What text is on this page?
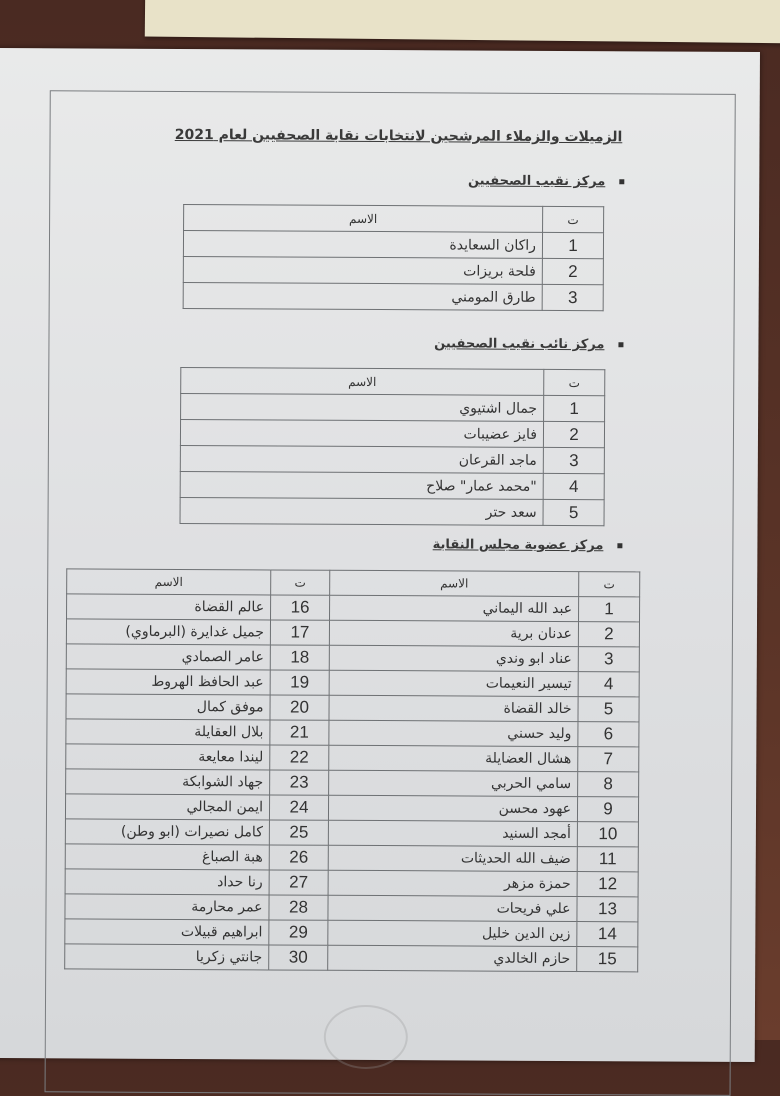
الزميلات والزملاء المرشحين لانتخابات نقابة الصحفيين لعام 2021
مركز نقيب الصحفيين
ت	الاسم
1	راكان السعايدة
2	فلحة بريزات
3	طارق المومني
مركز نائب نقيب الصحفيين
ت	الاسم
1	جمال اشتيوي
2	فايز عضيبات
3	ماجد القرعان
4	"محمد عمار" صلاح
5	سعد حتر
مركز عضوية مجلس النقابة
ت	الاسم	ت	الاسم
1	عبد الله اليماني	16	عالم القضاة
2	عدنان برية	17	جميل غدايرة (البرماوي)
3	عناد ابو وندي	18	عامر الصمادي
4	تيسير النعيمات	19	عبد الحافظ الهروط
5	خالد القضاة	20	موفق كمال
6	وليد حسني	21	بلال العقايلة
7	هشال العضايلة	22	ليندا معايعة
8	سامي الحربي	23	جهاد الشوابكة
9	عهود محسن	24	ايمن المجالي
10	أمجد السنيد	25	كامل نصيرات (ابو وطن)
11	ضيف الله الحديثات	26	هبة الصباغ
12	حمزة مزهر	27	رنا حداد
13	علي فريحات	28	عمر محارمة
14	زين الدين خليل	29	ابراهيم قبيلات
15	حازم الخالدي	30	جانتي زكريا
